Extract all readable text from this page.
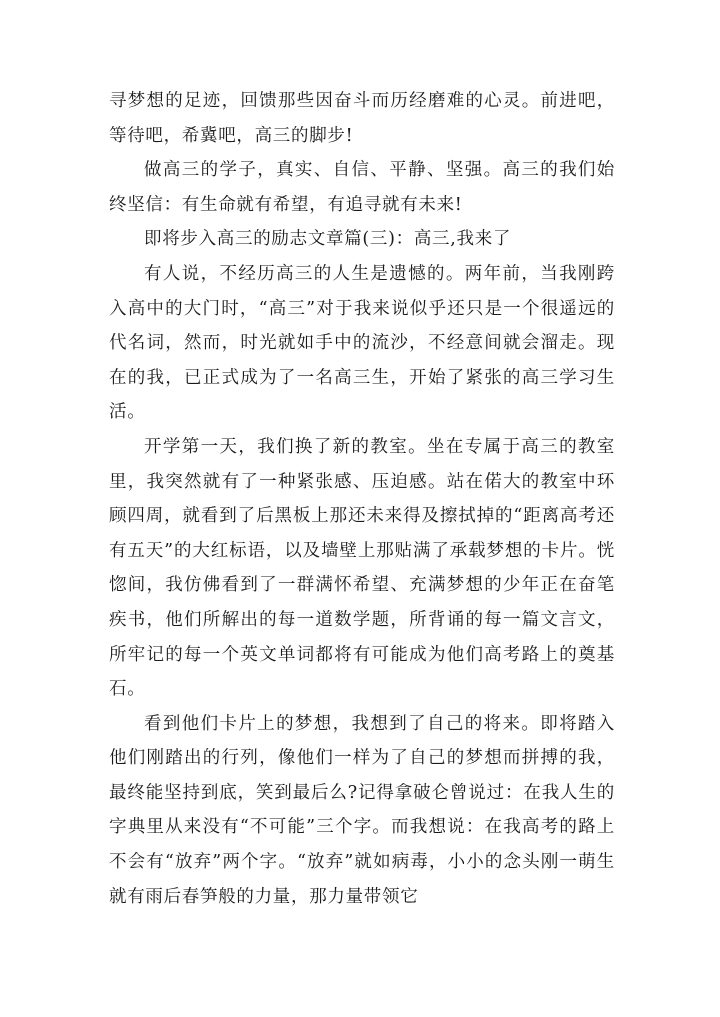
寻梦想的足迹，回馈那些因奋斗而历经磨难的心灵。前进吧，等待吧，希冀吧，高三的脚步!

做高三的学子，真实、自信、平静、坚强。高三的我们始终坚信：有生命就有希望，有追寻就有未来!

即将步入高三的励志文章篇(三)：高三,我来了

有人说，不经历高三的人生是遗憾的。两年前，当我刚跨入高中的大门时，“高三”对于我来说似乎还只是一个很遥远的代名词，然而，时光就如手中的流沙，不经意间就会溜走。现在的我，已正式成为了一名高三生，开始了紧张的高三学习生活。

开学第一天，我们换了新的教室。坐在专属于高三的教室里，我突然就有了一种紧张感、压迫感。站在偌大的教室中环顾四周，就看到了后黑板上那还未来得及擦拭掉的“距离高考还有五天”的大红标语，以及墙壁上那贴满了承载梦想的卡片。恍惚间，我仿佛看到了一群满怀希望、充满梦想的少年正在奋笔疾书，他们所解出的每一道数学题，所背诵的每一篇文言文，所牢记的每一个英文单词都将有可能成为他们高考路上的奠基石。

看到他们卡片上的梦想，我想到了自己的将来。即将踏入他们刚踏出的行列，像他们一样为了自己的梦想而拼搏的我，最终能坚持到底，笑到最后么?记得拿破仑曾说过：在我人生的字典里从来没有“不可能”三个字。而我想说：在我高考的路上不会有“放弃”两个字。“放弃”就如病毒，小小的念头刚一萌生就有雨后春笋般的力量，那力量带领它
